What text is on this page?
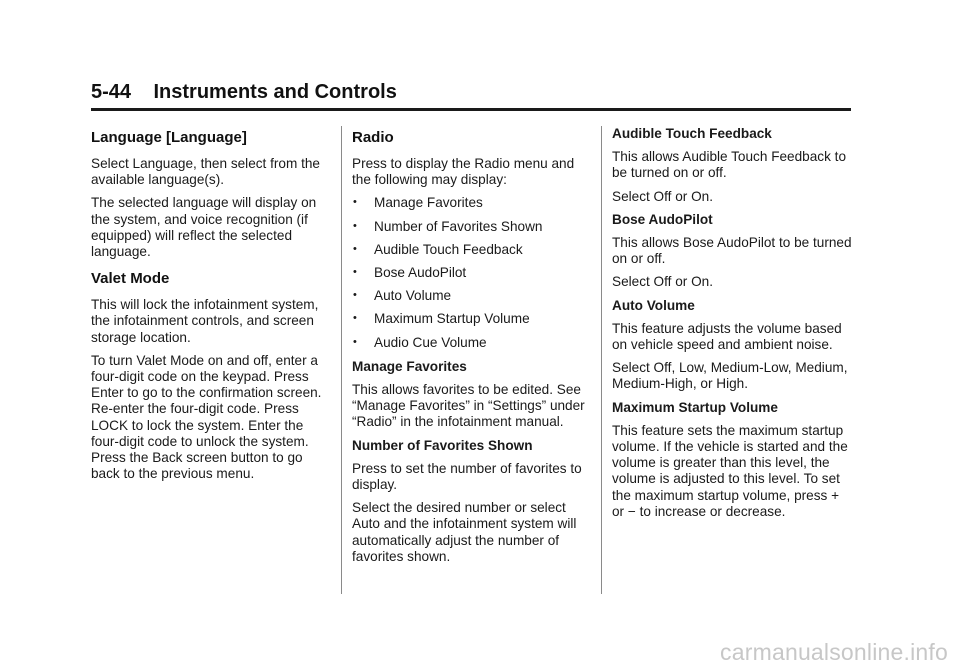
5-44 Instruments and Controls
Language [Language]

Select Language, then select from the available language(s).

The selected language will display on the system, and voice recognition (if equipped) will reflect the selected language.

Valet Mode

This will lock the infotainment system, the infotainment controls, and screen storage location.

To turn Valet Mode on and off, enter a four-digit code on the keypad. Press Enter to go to the confirmation screen. Re-enter the four-digit code. Press LOCK to lock the system. Enter the four-digit code to unlock the system. Press the Back screen button to go back to the previous menu.

Radio

Press to display the Radio menu and the following may display:

• Manage Favorites
• Number of Favorites Shown
• Audible Touch Feedback
• Bose AudoPilot
• Auto Volume
• Maximum Startup Volume
• Audio Cue Volume
Manage Favorites

This allows favorites to be edited. See “Manage Favorites” in “Settings” under “Radio” in the infotainment manual.

Number of Favorites Shown

Press to set the number of favorites to display.

Select the desired number or select Auto and the infotainment system will automatically adjust the number of favorites shown.

Audible Touch Feedback

This allows Audible Touch Feedback to be turned on or off.

Select Off or On.

Bose AudoPilot

This allows Bose AudoPilot to be turned on or off.

Select Off or On.

Auto Volume

This feature adjusts the volume based on vehicle speed and ambient noise.

Select Off, Low, Medium-Low, Medium, Medium-High, or High.

Maximum Startup Volume

This feature sets the maximum startup volume. If the vehicle is started and the volume is greater than this level, the volume is adjusted to this level. To set the maximum startup volume, press + or − to increase or decrease.

carmanualsonline.info
